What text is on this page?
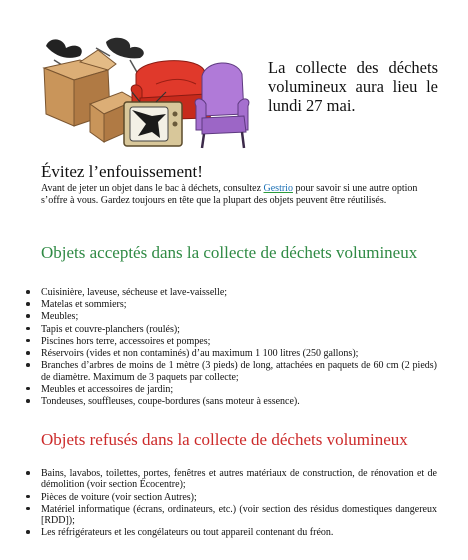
La collecte des déchets volumineux aura lieu le lundi 27 mai.
Évitez l’enfouissement!

Avant de jeter un objet dans le bac à déchets, consultez Gestrio pour savoir si une autre option s’offre à vous. Gardez toujours en tête que la plupart des objets peuvent être réutilisés.

Objets acceptés dans la collecte de déchets volumineux
Cuisinière, laveuse, sécheuse et lave-vaisselle;
Matelas et sommiers;
Meubles;
Tapis et couvre-planchers (roulés);
Piscines hors terre, accessoires et pompes;
Réservoirs (vides et non contaminés) d’au maximum 1 100 litres (250 gallons);
Branches d’arbres de moins de 1 mètre (3 pieds) de long, attachées en paquets de 60 cm (2 pieds) de diamètre. Maximum de 3 paquets par collecte;
Meubles et accessoires de jardin;
Tondeuses, souffleuses, coupe-bordures (sans moteur à essence).
Objets refusés dans la collecte de déchets volumineux
Bains, lavabos, toilettes, portes, fenêtres et autres matériaux de construction, de rénovation et de démolition (voir section Écocentre);
Pièces de voiture (voir section Autres);
Matériel informatique (écrans, ordinateurs, etc.) (voir section des résidus domestiques dangereux [RDD]);
Les réfrigérateurs et les congélateurs ou tout appareil contenant du fréon.
